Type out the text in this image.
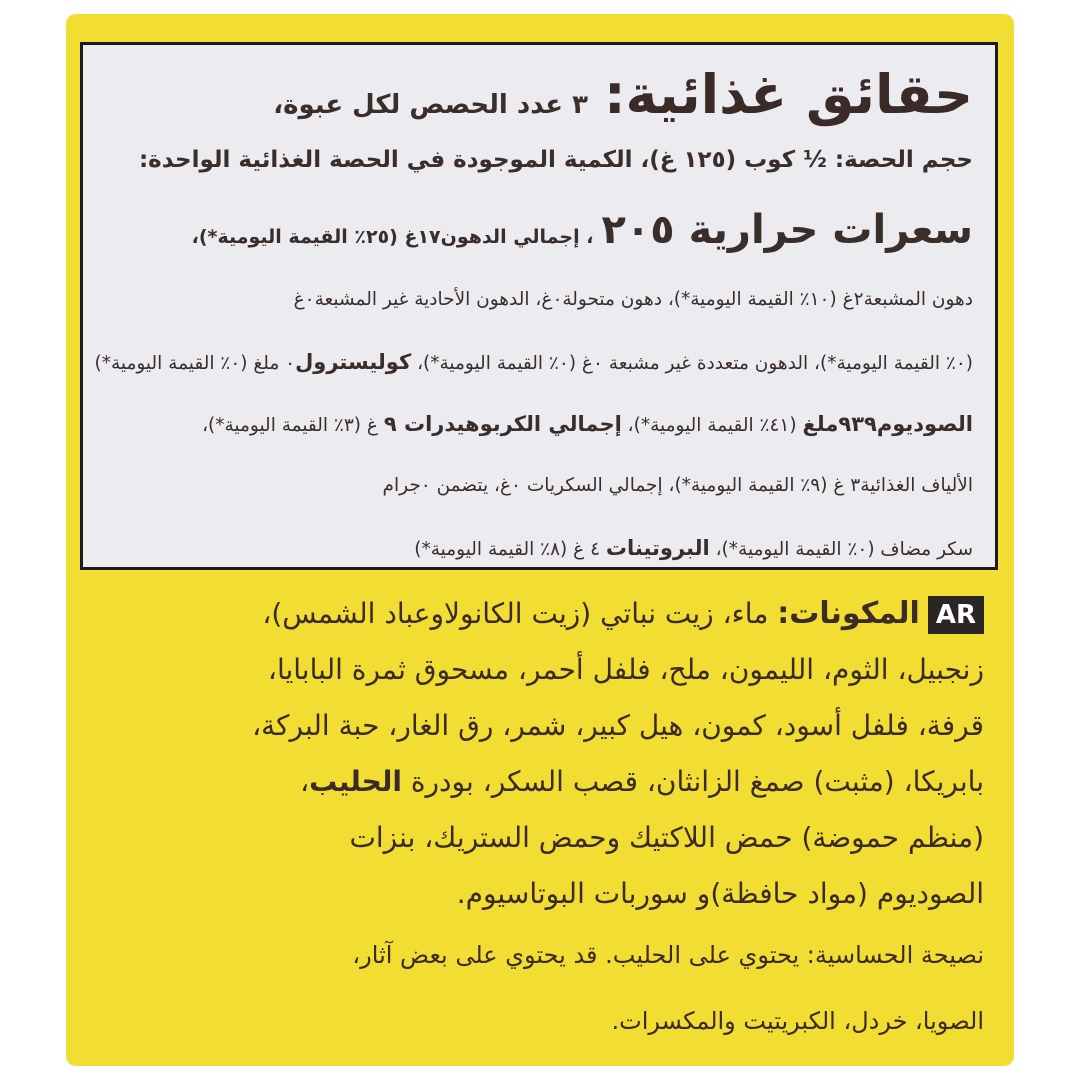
حقائق غذائية:
٣ عدد الحصص لكل عبوة،

حجم الحصة: ½ كوب (١٢٥ غ)، الكمية الموجودة في الحصة الغذائية الواحدة:

سعرات حرارية ٢٠٥
، إجمالي الدهون١٧غ (٢٥٪ القيمة اليومية*)،

دهون المشبعة٢غ (١٠٪ القيمة اليومية*)، دهون متحولة٠غ، الدهون الأحادية غير المشبعة٠غ

(٠٪ القيمة اليومية*)، الدهون متعددة غير مشبعة ٠غ (٠٪ القيمة اليومية*)، كوليسترول٠ ملغ (٠٪ القيمة اليومية*)

الصوديوم٩٣٩ملغ (٤١٪ القيمة اليومية*)، إجمالي الكربوهيدرات ٩ غ (٣٪ القيمة اليومية*)،

الألياف الغذائية٣ غ (٩٪ القيمة اليومية*)، إجمالي السكريات ٠غ، يتضمن ٠جرام

سكر مضاف (٠٪ القيمة اليومية*)، البروتينات ٤ غ (٨٪ القيمة اليومية*)

ARالمكونات: ماء، زيت نباتي (زيت الكانولاوعباد الشمس)،
زنجبيل، الثوم، الليمون، ملح، فلفل أحمر، مسحوق ثمرة البابايا،
قرفة، فلفل أسود، كمون، هيل كبير، شمر، رق الغار، حبة البركة،
بابريكا، (مثبت) صمغ الزانثان، قصب السكر، بودرة الحليب،
(منظم حموضة) حمض اللاكتيك وحمض الستريك، بنزات
الصوديوم (مواد حافظة)و سوربات البوتاسيوم.
نصيحة الحساسية: يحتوي على الحليب. قد يحتوي على بعض آثار،
الصويا، خردل، الكبريتيت والمكسرات.
